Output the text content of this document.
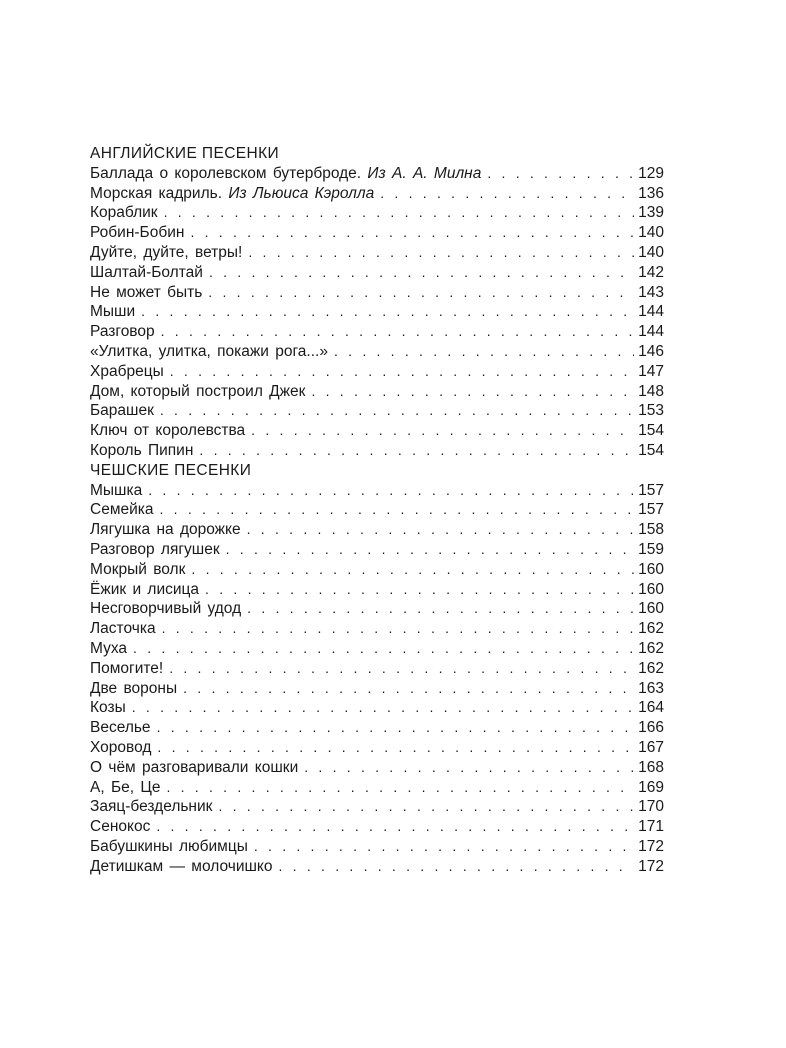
АНГЛИЙСКИЕ ПЕСЕНКИ
Баллада о королевском бутерброде. Из А. А. Милна . . .	129
Морская кадриль. Из Льюиса Кэролла . . .	136
Кораблик . . .	139
Робин-Бобин . . .	140
Дуйте, дуйте, ветры! . . .	140
Шалтай-Болтай . . .	142
Не может быть . . .	143
Мыши . . .	144
Разговор . . .	144
«Улитка, улитка, покажи рога...» . . .	146
Храбрецы . . .	147
Дом, который построил Джек . . .	148
Барашек . . .	153
Ключ от королевства . . .	154
Король Пипин . . .	154
ЧЕШСКИЕ ПЕСЕНКИ
Мышка . . .	157
Семейка . . .	157
Лягушка на дорожке . . .	158
Разговор лягушек . . .	159
Мокрый волк . . .	160
Ёжик и лисица . . .	160
Несговорчивый удод . . .	160
Ласточка . . .	162
Муха . . .	162
Помогите! . . .	162
Две вороны . . .	163
Козы . . .	164
Веселье . . .	166
Хоровод . . .	167
О чём разговаривали кошки . . .	168
А, Бе, Це . . .	169
Заяц-бездельник . . .	170
Сенокос . . .	171
Бабушкины любимцы . . .	172
Детишкам — молочишко . . .	172
